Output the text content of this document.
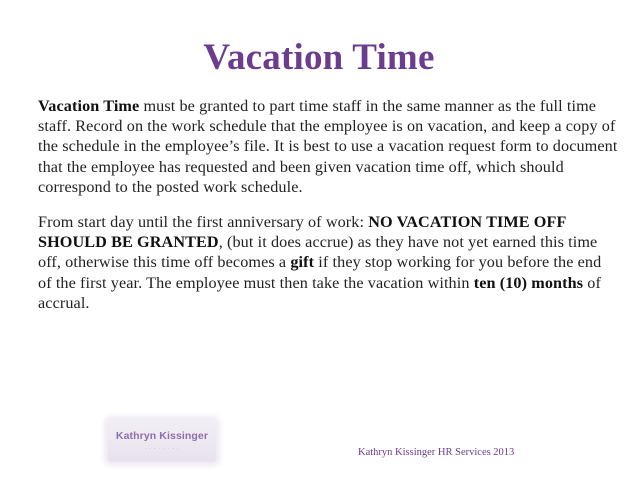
Vacation Time

Vacation Time must be granted to part time staff in the same manner as the full time staff. Record on the work schedule that the employee is on vacation, and keep a copy of the schedule in the employee’s file. It is best to use a vacation request form to document that the employee has requested and been given vacation time off, which should correspond to the posted work schedule.

From start day until the first anniversary of work: NO VACATION TIME OFF SHOULD BE GRANTED, (but it does accrue) as they have not yet earned this time off, otherwise this time off becomes a gift if they stop working for you before the end of the first year. The employee must then take the vacation within ten (10) months of accrual.

Kathryn Kissinger
· · · · · · · ·	Kathryn Kissinger HR Services 2013
